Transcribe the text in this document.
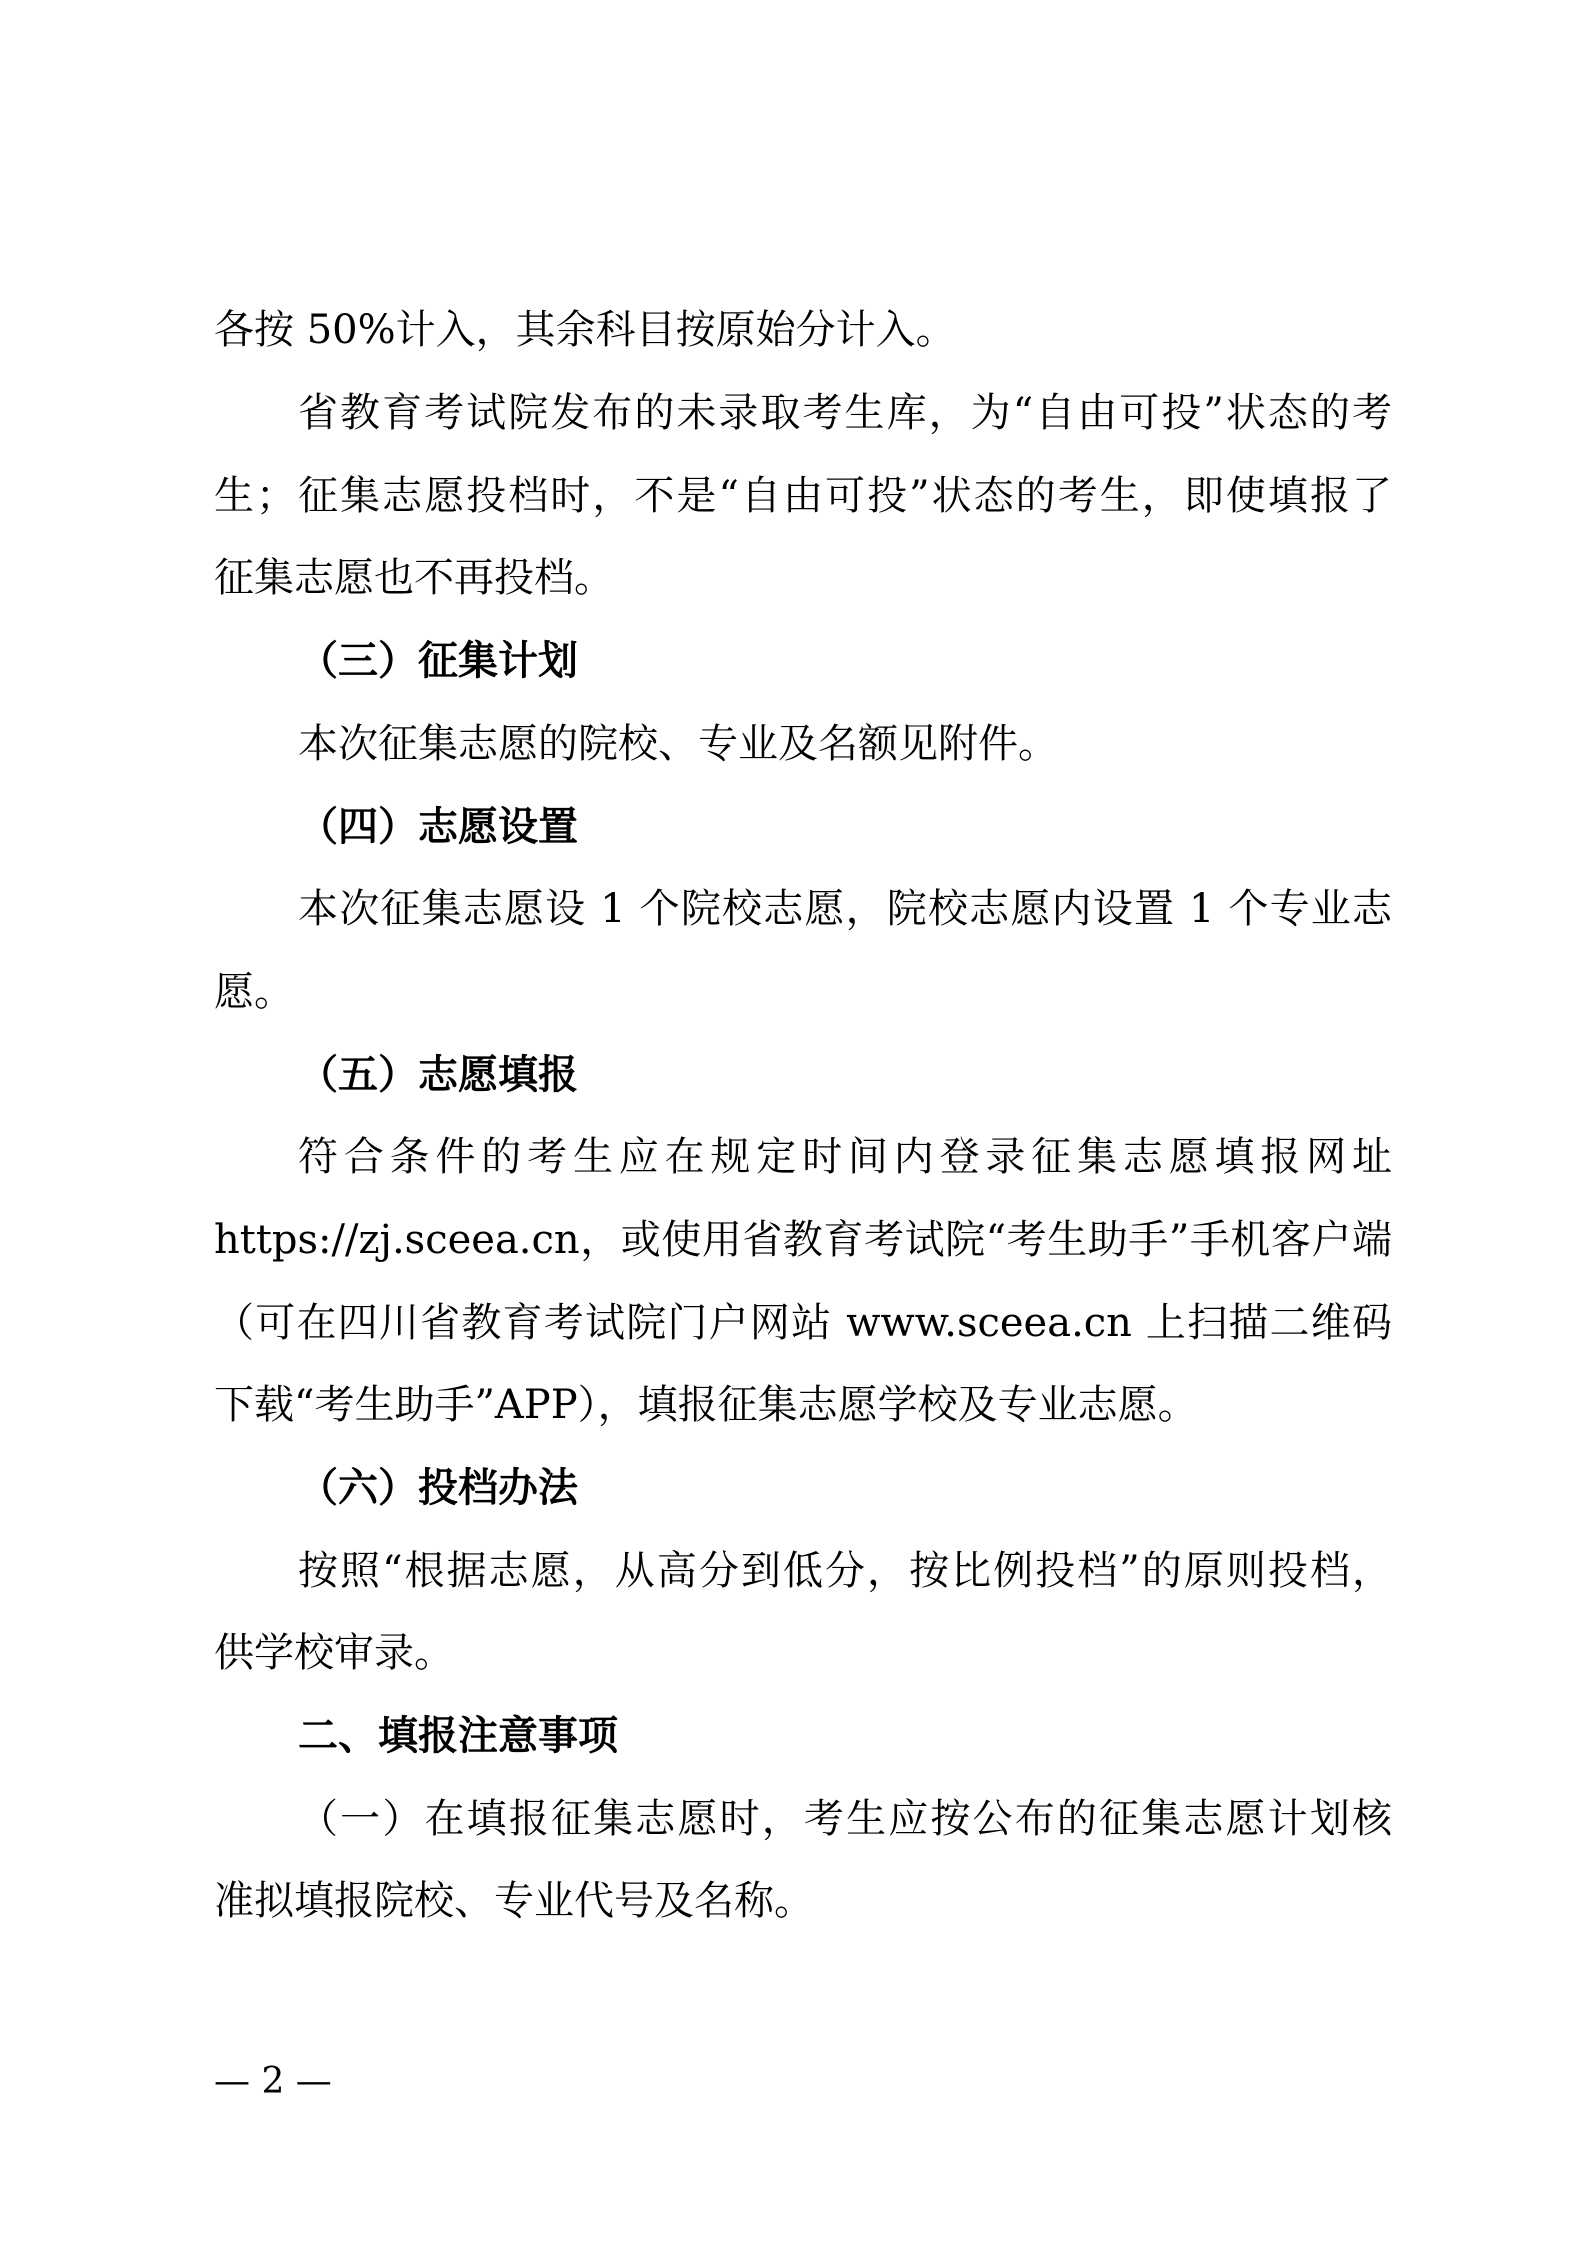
各按 50%计入，其余科目按原始分计入。
省教育考试院发布的未录取考生库，为“自由可投”状态的考
生；征集志愿投档时，不是“自由可投”状态的考生，即使填报了
征集志愿也不再投档。
（三）征集计划
本次征集志愿的院校、专业及名额见附件。
（四）志愿设置
本次征集志愿设 1 个院校志愿，院校志愿内设置 1 个专业志
愿。
（五）志愿填报
符合条件的考生应在规定时间内登录征集志愿填报网址
https://zj.sceea.cn，或使用省教育考试院“考生助手”手机客户端
（可在四川省教育考试院门户网站 www.sceea.cn 上扫描二维码
下载“考生助手”APP），填报征集志愿学校及专业志愿。
（六）投档办法
按照“根据志愿，从高分到低分，按比例投档”的原则投档，
供学校审录。
二、填报注意事项
（一）在填报征集志愿时，考生应按公布的征集志愿计划核
准拟填报院校、专业代号及名称。
— 2 —
